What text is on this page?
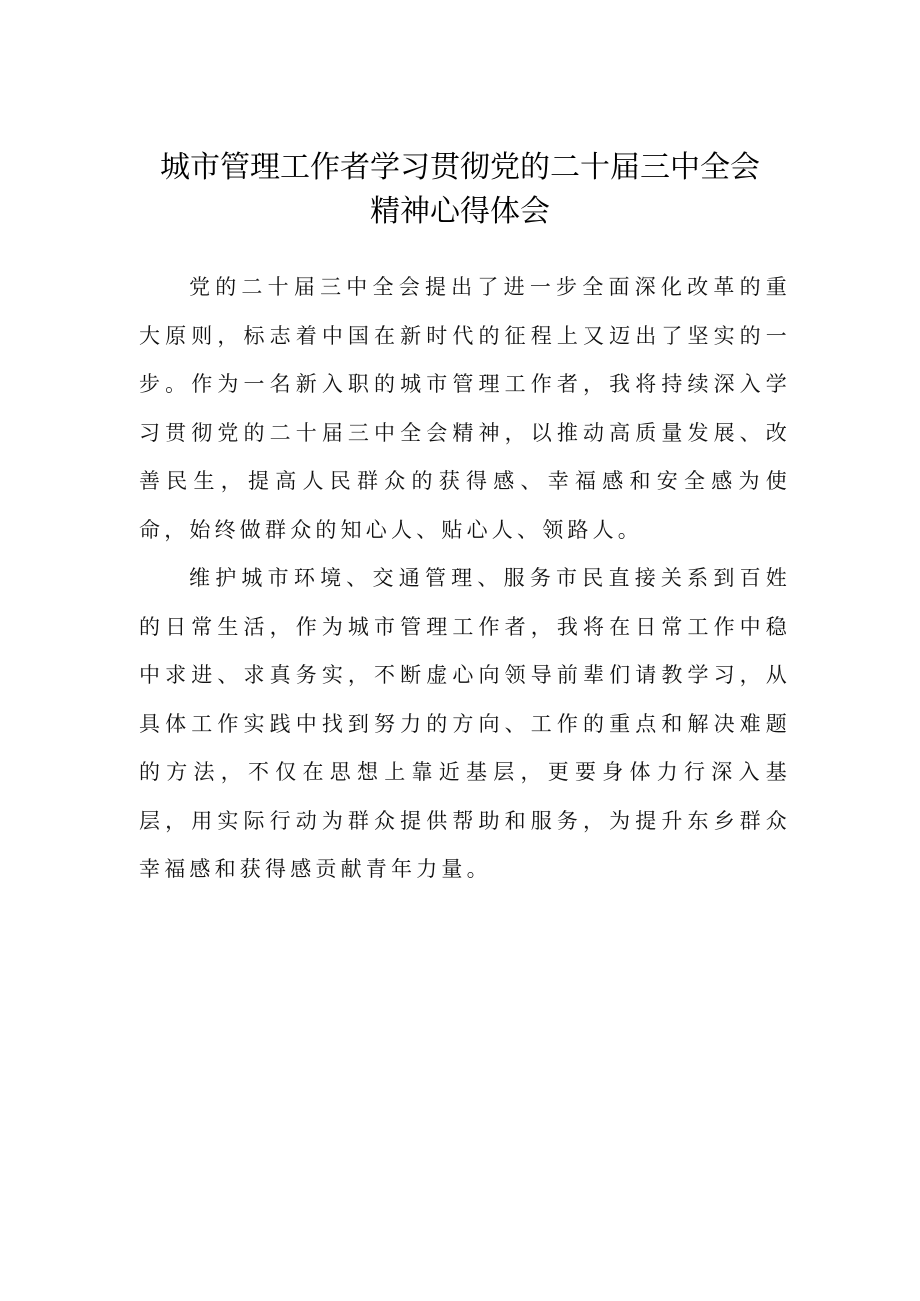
城市管理工作者学习贯彻党的二十届三中全会
精神心得体会

党的二十届三中全会提出了进一步全面深化改革的重大原则，标志着中国在新时代的征程上又迈出了坚实的一步。作为一名新入职的城市管理工作者，我将持续深入学习贯彻党的二十届三中全会精神，以推动高质量发展、改善民生，提高人民群众的获得感、幸福感和安全感为使命，始终做群众的知心人、贴心人、领路人。

维护城市环境、交通管理、服务市民直接关系到百姓的日常生活，作为城市管理工作者，我将在日常工作中稳中求进、求真务实，不断虚心向领导前辈们请教学习，从具体工作实践中找到努力的方向、工作的重点和解决难题的方法，不仅在思想上靠近基层，更要身体力行深入基层，用实际行动为群众提供帮助和服务，为提升东乡群众幸福感和获得感贡献青年力量。
